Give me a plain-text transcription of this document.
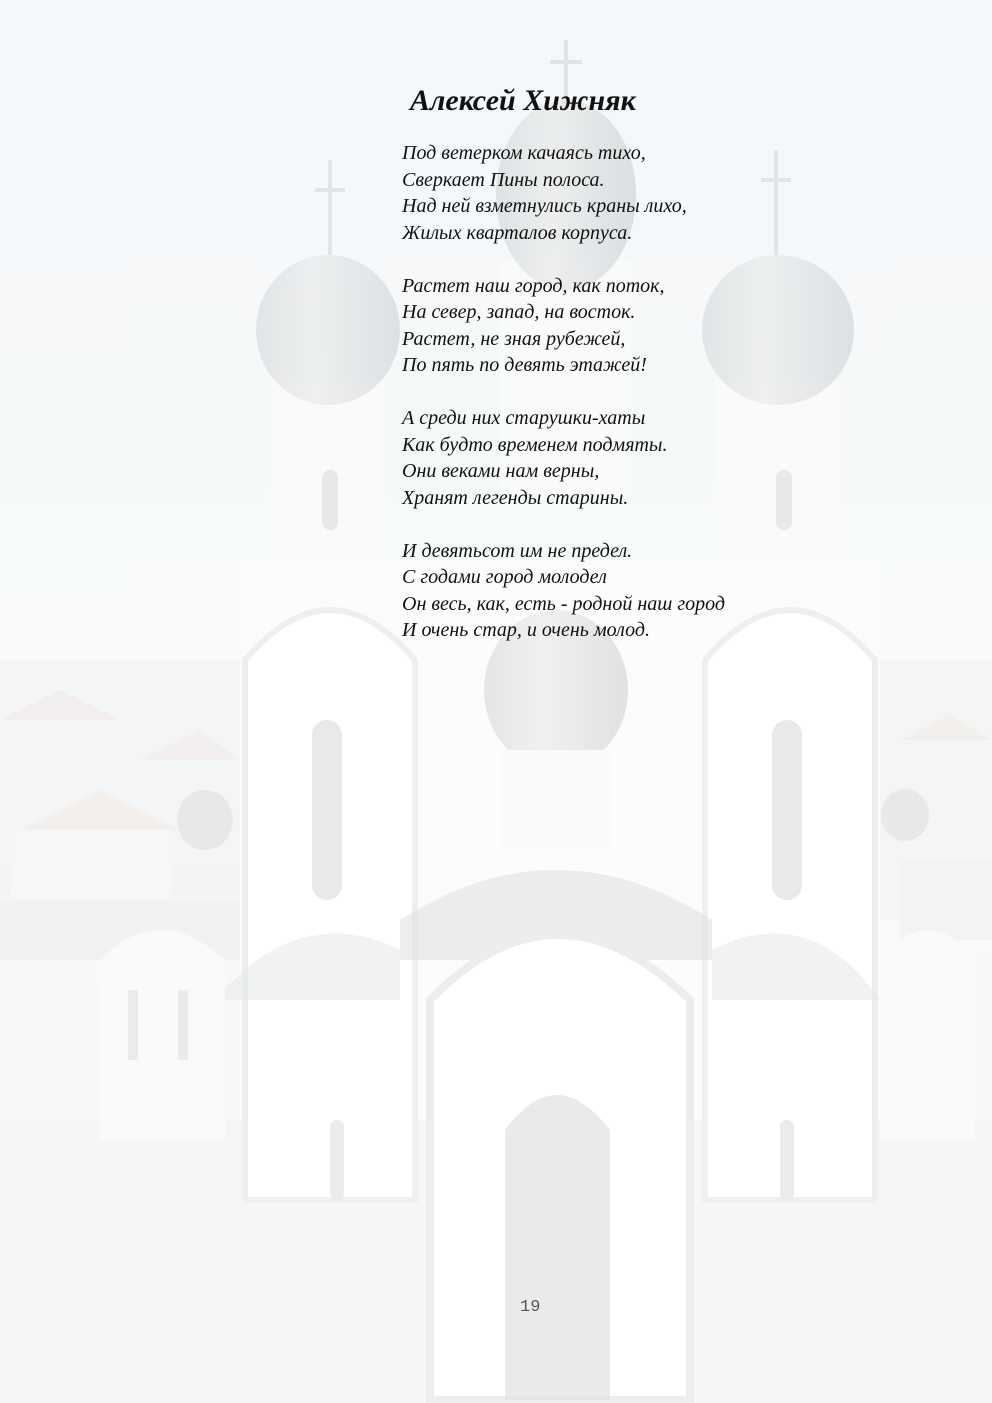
Алексей Хижняк
Под ветерком качаясь тихо,
Сверкает Пины полоса.
Над ней взметнулись краны лихо,
Жилых кварталов корпуса.
Растет наш город, как поток,
На север, запад, на восток.
Растет, не зная рубежей,
По пять по девять этажей!
А среди них старушки-хаты
Как будто временем подмяты.
Они веками нам верны,
Хранят легенды старины.
И девятьсот им не предел.
С годами город молодел
Он весь, как, есть - родной наш город
И очень стар, и очень молод.
19
